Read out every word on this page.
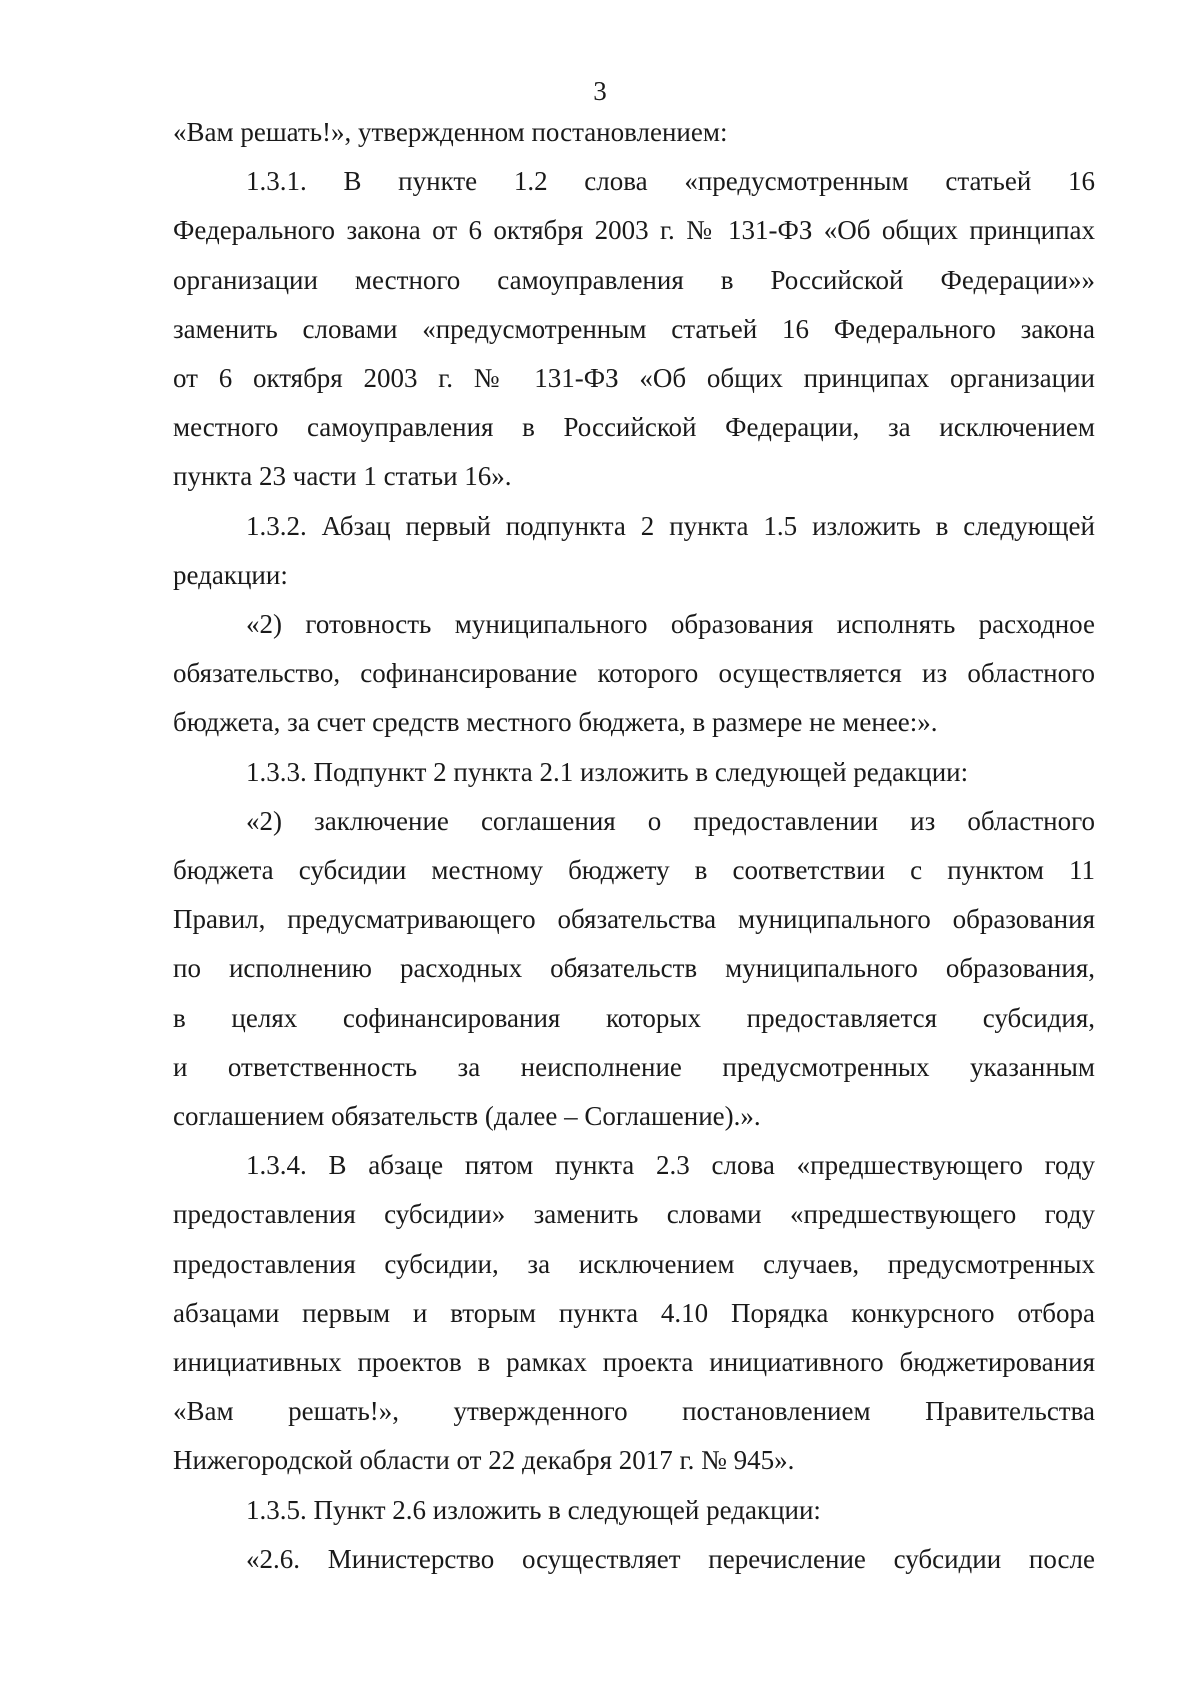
3
«Вам решать!», утвержденном постановлением:
1.3.1. В пункте 1.2 слова «предусмотренным статьей 16
Федерального закона от 6 октября 2003 г. № 131-ФЗ «Об общих принципах
организации местного самоуправления в Российской Федерации»»
заменить словами «предусмотренным статьей 16 Федерального закона
от 6 октября 2003 г. № 131-ФЗ «Об общих принципах организации
местного самоуправления в Российской Федерации, за исключением
пункта 23 части 1 статьи 16».
1.3.2. Абзац первый подпункта 2 пункта 1.5 изложить в следующей
редакции:
«2) готовность муниципального образования исполнять расходное
обязательство, софинансирование которого осуществляется из областного
бюджета, за счет средств местного бюджета, в размере не менее:».
1.3.3. Подпункт 2 пункта 2.1 изложить в следующей редакции:
«2) заключение соглашения о предоставлении из областного
бюджета субсидии местному бюджету в соответствии с пунктом 11
Правил, предусматривающего обязательства муниципального образования
по исполнению расходных обязательств муниципального образования,
в целях софинансирования которых предоставляется субсидия,
и ответственность за неисполнение предусмотренных указанным
соглашением обязательств (далее – Соглашение).».
1.3.4. В абзаце пятом пункта 2.3 слова «предшествующего году
предоставления субсидии» заменить словами «предшествующего году
предоставления субсидии, за исключением случаев, предусмотренных
абзацами первым и вторым пункта 4.10 Порядка конкурсного отбора
инициативных проектов в рамках проекта инициативного бюджетирования
«Вам решать!», утвержденного постановлением Правительства
Нижегородской области от 22 декабря 2017 г. № 945».
1.3.5. Пункт 2.6 изложить в следующей редакции:
«2.6. Министерство осуществляет перечисление субсидии после
